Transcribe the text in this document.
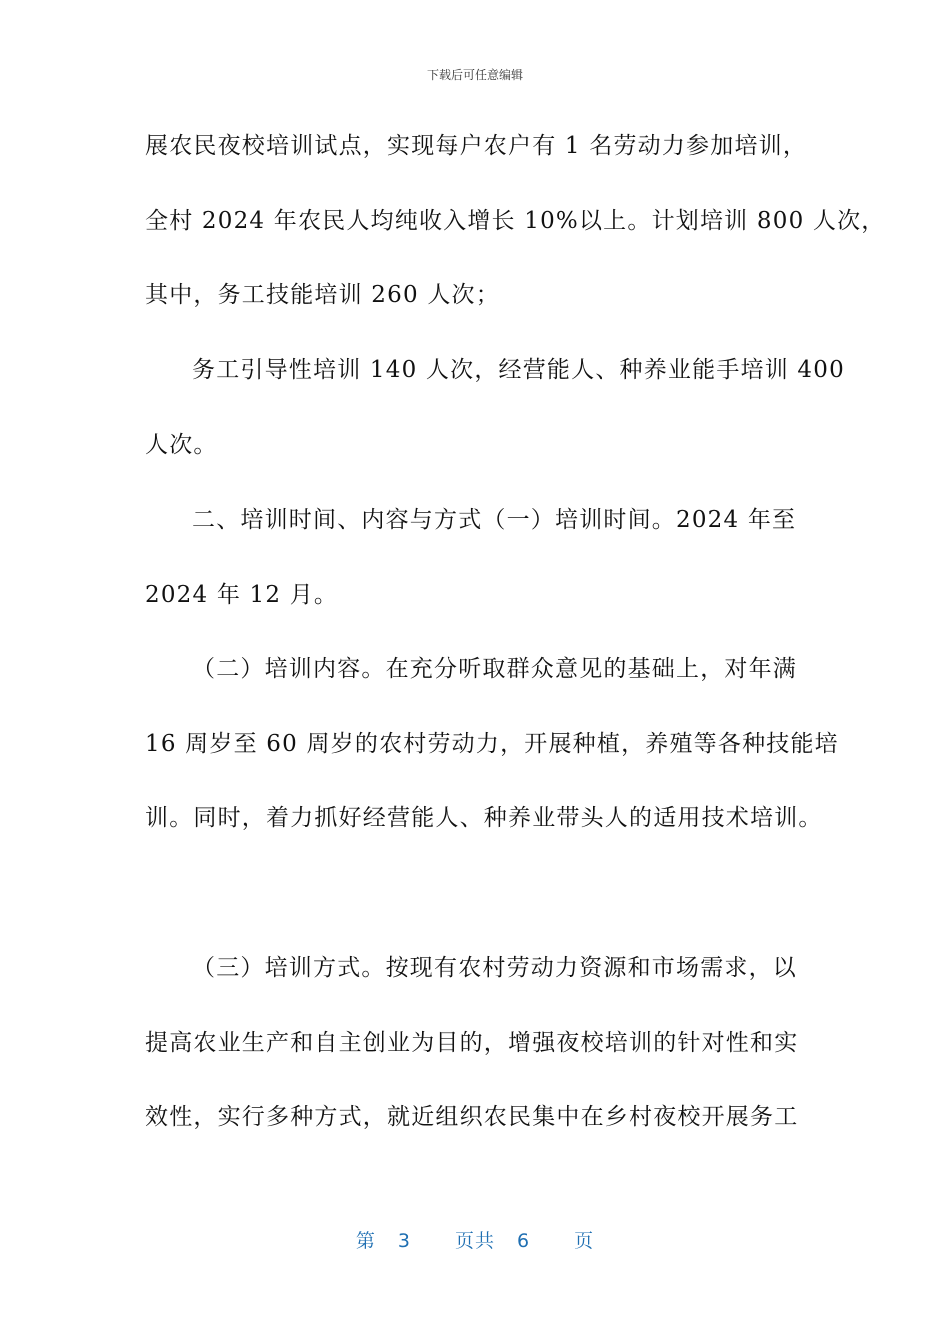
下载后可任意编辑
展农民夜校培训试点，实现每户农户有 1 名劳动力参加培训，
全村 2024 年农民人均纯收入增长 10%以上。计划培训 800 人次，
其中，务工技能培训 260 人次；
务工引导性培训 140 人次，经营能人、种养业能手培训 400
人次。
二、培训时间、内容与方式（一）培训时间。2024 年至
2024 年 12 月。
（二）培训内容。在充分听取群众意见的基础上，对年满
16 周岁至 60 周岁的农村劳动力，开展种植，养殖等各种技能培
训。同时，着力抓好经营能人、种养业带头人的适用技术培训。
（三）培训方式。按现有农村劳动力资源和市场需求，以
提高农业生产和自主创业为目的，增强夜校培训的针对性和实
效性，实行多种方式，就近组织农民集中在乡村夜校开展务工
第 3 页共 6 页
